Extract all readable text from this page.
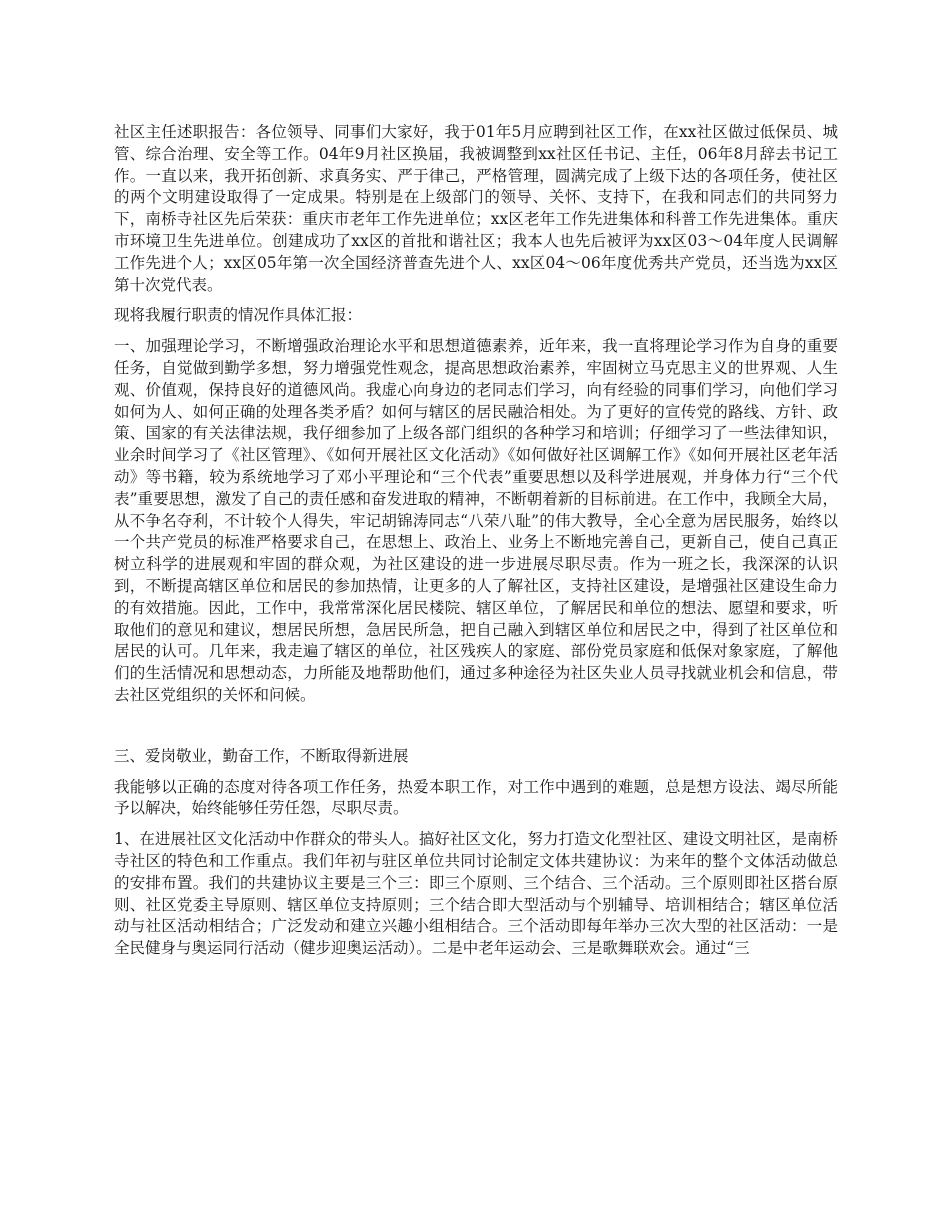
社区主任述职报告：各位领导、同事们大家好，我于01年5月应聘到社区工作，在xx社区做过低保员、城管、综合治理、安全等工作。04年9月社区换届，我被调整到xx社区任书记、主任，06年8月辞去书记工作。一直以来，我开拓创新、求真务实、严于律己，严格管理，圆满完成了上级下达的各项任务，使社区的两个文明建设取得了一定成果。特别是在上级部门的领导、关怀、支持下，在我和同志们的共同努力下，南桥寺社区先后荣获：重庆市老年工作先进单位；xx区老年工作先进集体和科普工作先进集体。重庆市环境卫生先进单位。创建成功了xx区的首批和谐社区；我本人也先后被评为xx区03～04年度人民调解工作先进个人；xx区05年第一次全国经济普查先进个人、xx区04～06年度优秀共产党员，还当选为xx区第十次党代表。

现将我履行职责的情况作具体汇报：

一、加强理论学习，不断增强政治理论水平和思想道德素养，近年来，我一直将理论学习作为自身的重要任务，自觉做到勤学多想，努力增强党性观念，提高思想政治素养，牢固树立马克思主义的世界观、人生观、价值观，保持良好的道德风尚。我虚心向身边的老同志们学习，向有经验的同事们学习，向他们学习如何为人、如何正确的处理各类矛盾？如何与辖区的居民融洽相处。为了更好的宣传党的路线、方针、政策、国家的有关法律法规，我仔细参加了上级各部门组织的各种学习和培训；仔细学习了一些法律知识，业余时间学习了《社区管理》、《如何开展社区文化活动》《如何做好社区调解工作》《如何开展社区老年活动》等书籍，较为系统地学习了邓小平理论和“三个代表”重要思想以及科学进展观，并身体力行“三个代表”重要思想，激发了自己的责任感和奋发进取的精神，不断朝着新的目标前进。在工作中，我顾全大局，从不争名夺利，不计较个人得失，牢记胡锦涛同志“八荣八耻”的伟大教导，全心全意为居民服务，始终以一个共产党员的标准严格要求自己，在思想上、政治上、业务上不断地完善自己，更新自己，使自己真正树立科学的进展观和牢固的群众观，为社区建设的进一步进展尽职尽责。作为一班之长，我深深的认识到，不断提高辖区单位和居民的参加热情，让更多的人了解社区，支持社区建设，是增强社区建设生命力的有效措施。因此，工作中，我常常深化居民楼院、辖区单位，了解居民和单位的想法、愿望和要求，听取他们的意见和建议，想居民所想，急居民所急，把自己融入到辖区单位和居民之中，得到了社区单位和居民的认可。几年来，我走遍了辖区的单位，社区残疾人的家庭、部份党员家庭和低保对象家庭，了解他们的生活情况和思想动态，力所能及地帮助他们，通过多种途径为社区失业人员寻找就业机会和信息，带去社区党组织的关怀和问候。

三、爱岗敬业，勤奋工作，不断取得新进展

我能够以正确的态度对待各项工作任务，热爱本职工作，对工作中遇到的难题，总是想方设法、竭尽所能予以解决，始终能够任劳任怨，尽职尽责。

1、在进展社区文化活动中作群众的带头人。搞好社区文化，努力打造文化型社区、建设文明社区，是南桥寺社区的特色和工作重点。我们年初与驻区单位共同讨论制定文体共建协议：为来年的整个文体活动做总的安排布置。我们的共建协议主要是三个三：即三个原则、三个结合、三个活动。三个原则即社区搭台原则、社区党委主导原则、辖区单位支持原则；三个结合即大型活动与个别辅导、培训相结合；辖区单位活动与社区活动相结合；广泛发动和建立兴趣小组相结合。三个活动即每年举办三次大型的社区活动：一是全民健身与奥运同行活动（健步迎奥运活动）。二是中老年运动会、三是歌舞联欢会。通过“三
